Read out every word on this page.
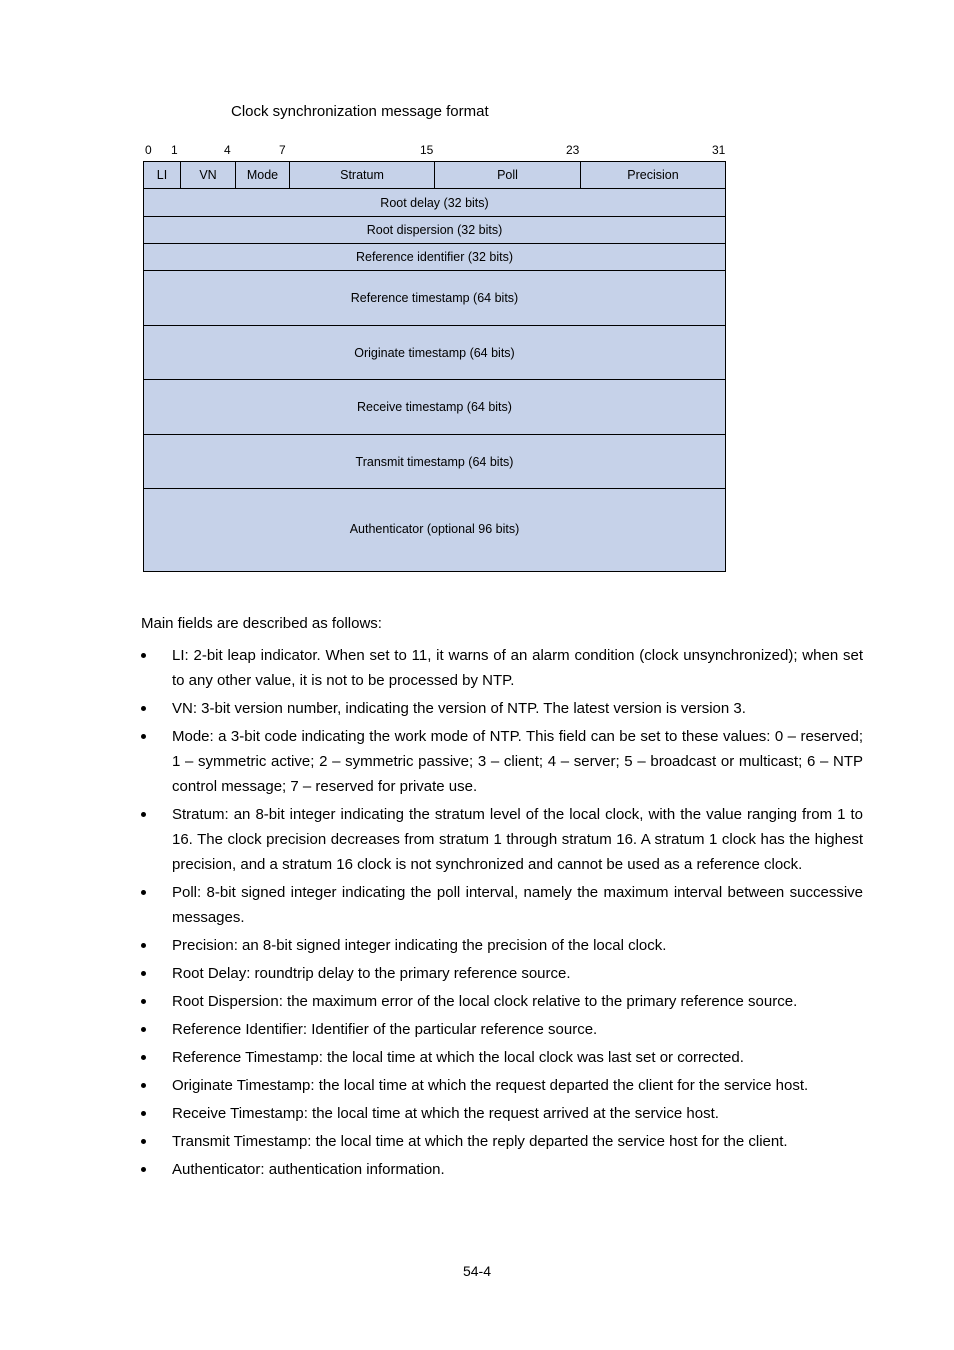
Clock synchronization message format
0 1	4	7	15	23	31
LI	VN	Mode	Stratum	Poll	Precision
Root delay (32 bits)
Root dispersion (32 bits)
Reference identifier (32 bits)
Reference timestamp (64 bits)
Originate timestamp (64 bits)
Receive timestamp (64 bits)
Transmit timestamp (64 bits)
Authenticator (optional 96 bits)
Main fields are described as follows:
LI: 2-bit leap indicator. When set to 11, it warns of an alarm condition (clock unsynchronized); when set to any other value, it is not to be processed by NTP.
VN: 3-bit version number, indicating the version of NTP. The latest version is version 3.
Mode: a 3-bit code indicating the work mode of NTP. This field can be set to these values: 0 – reserved; 1 – symmetric active; 2 – symmetric passive; 3 – client; 4 – server; 5 – broadcast or multicast; 6 – NTP control message; 7 – reserved for private use.
Stratum: an 8-bit integer indicating the stratum level of the local clock, with the value ranging from 1 to 16. The clock precision decreases from stratum 1 through stratum 16. A stratum 1 clock has the highest precision, and a stratum 16 clock is not synchronized and cannot be used as a reference clock.
Poll: 8-bit signed integer indicating the poll interval, namely the maximum interval between successive messages.
Precision: an 8-bit signed integer indicating the precision of the local clock.
Root Delay: roundtrip delay to the primary reference source.
Root Dispersion: the maximum error of the local clock relative to the primary reference source.
Reference Identifier: Identifier of the particular reference source.
Reference Timestamp: the local time at which the local clock was last set or corrected.
Originate Timestamp: the local time at which the request departed the client for the service host.
Receive Timestamp: the local time at which the request arrived at the service host.
Transmit Timestamp: the local time at which the reply departed the service host for the client.
Authenticator: authentication information.
54-4
